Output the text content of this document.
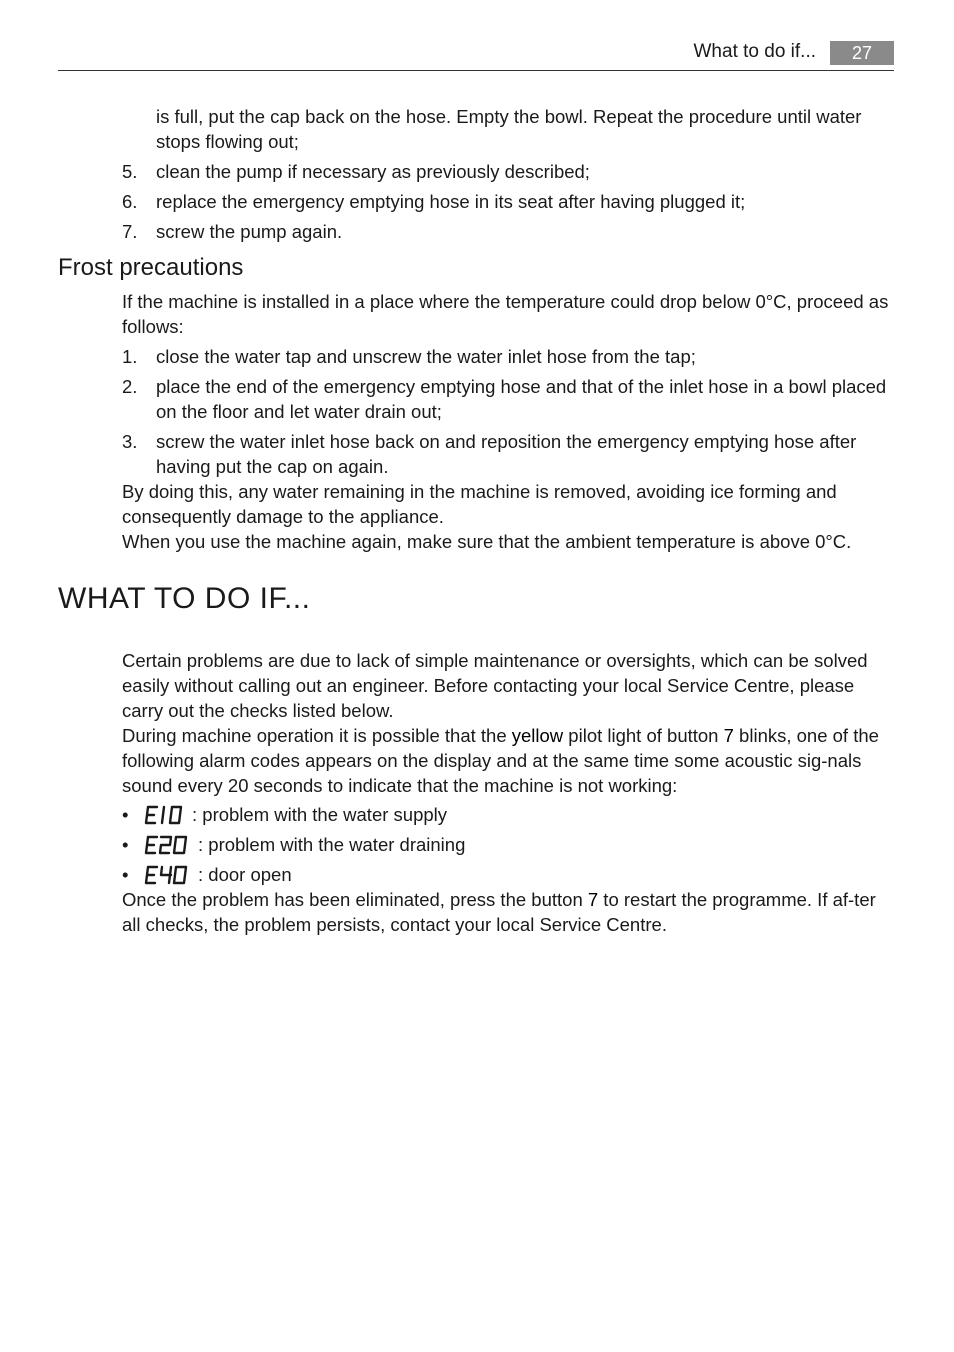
What to do if...	27

is full, put the cap back on the hose. Empty the bowl. Repeat the procedure until water stops flowing out;

5. clean the pump if necessary as previously described;
6. replace the emergency emptying hose in its seat after having plugged it;
7. screw the pump again.
Frost precautions

If the machine is installed in a place where the temperature could drop below 0°C, proceed as follows:

1. close the water tap and unscrew the water inlet hose from the tap;
2. place the end of the emergency emptying hose and that of the inlet hose in a bowl placed on the floor and let water drain out;
3. screw the water inlet hose back on and reposition the emergency emptying hose after having put the cap on again.

By doing this, any water remaining in the machine is removed, avoiding ice forming and consequently damage to the appliance.

When you use the machine again, make sure that the ambient temperature is above 0°C.

WHAT TO DO IF...

Certain problems are due to lack of simple maintenance or oversights, which can be solved easily without calling out an engineer. Before contacting your local Service Centre, please carry out the checks listed below.

During machine operation it is possible that the yellow pilot light of button 7 blinks, one of the following alarm codes appears on the display and at the same time some acoustic sig-nals sound every 20 seconds to indicate that the machine is not working:

•	: problem with the water supply
•	: problem with the water draining
•	: door open

Once the problem has been eliminated, press the button 7 to restart the programme. If af-ter all checks, the problem persists, contact your local Service Centre.
